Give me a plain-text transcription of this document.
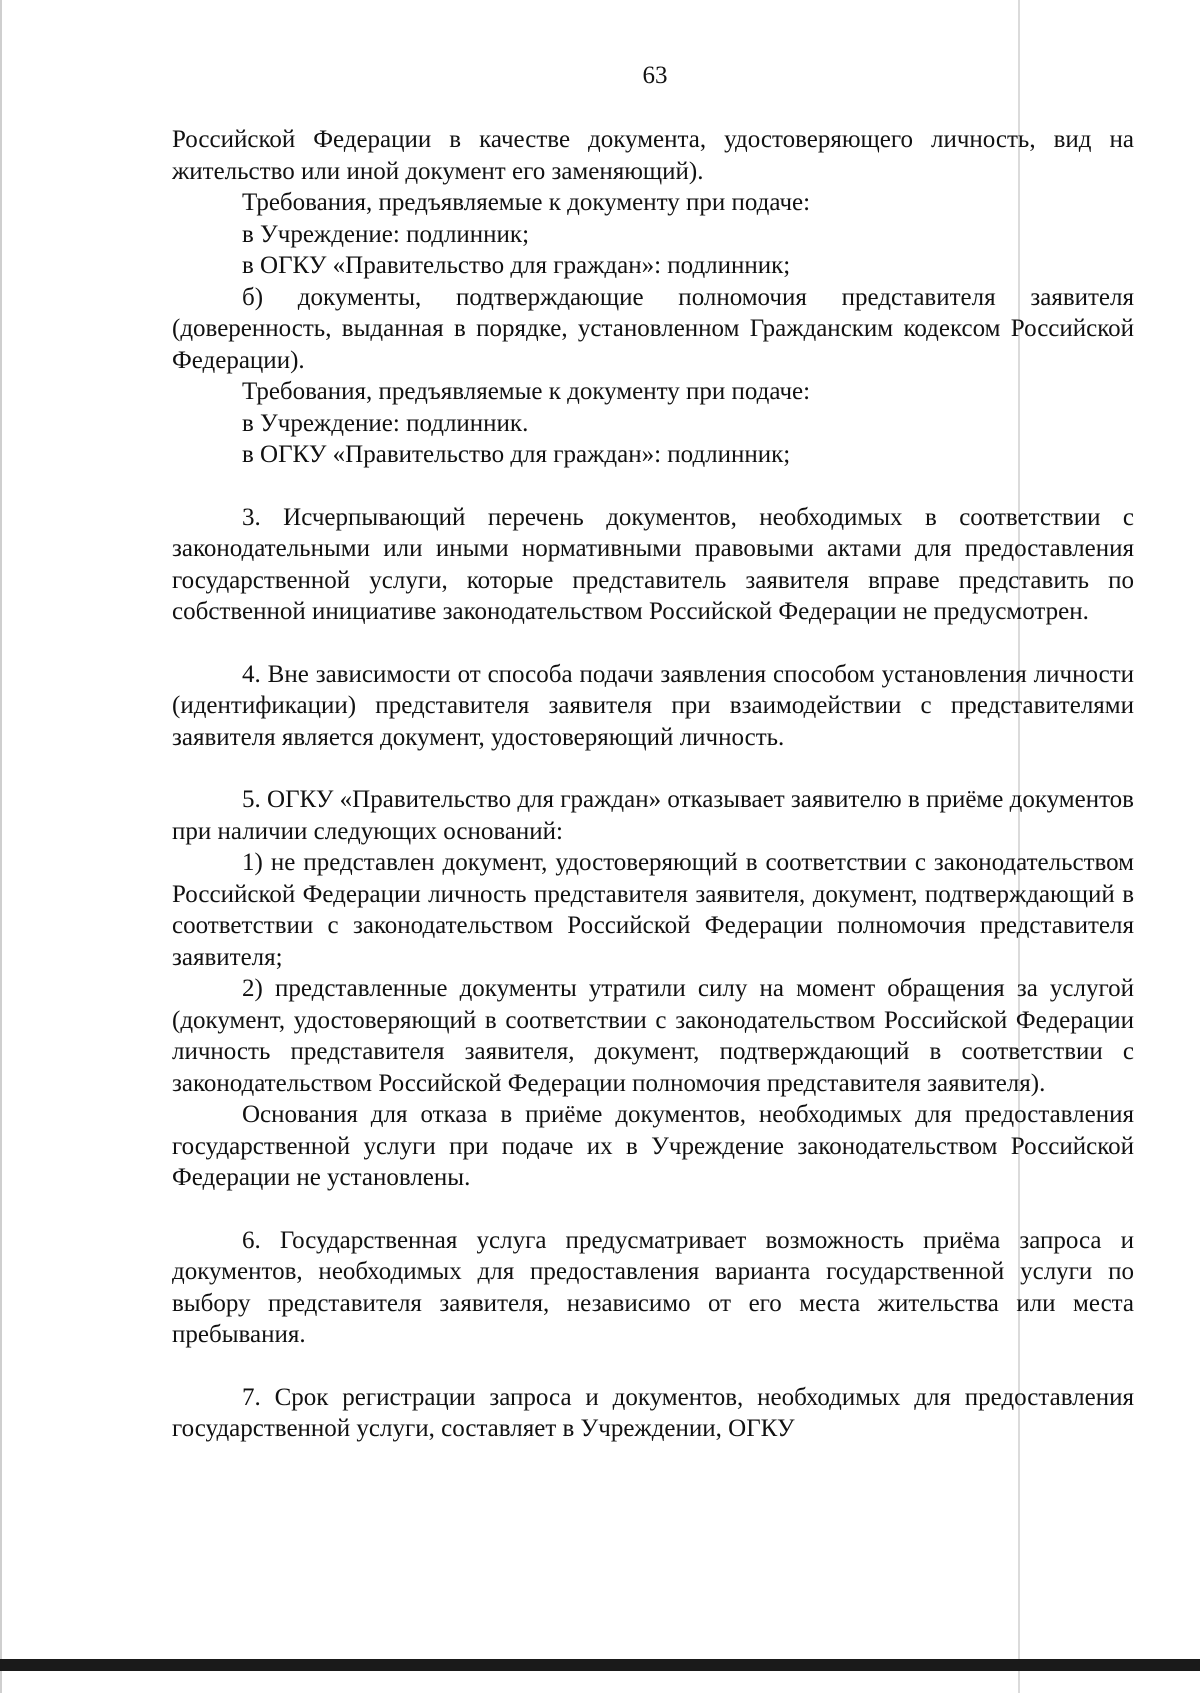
63

Российской Федерации в качестве документа, удостоверяющего личность, вид на жительство или иной документ его заменяющий).

Требования, предъявляемые к документу при подаче:

в Учреждение: подлинник;

в ОГКУ «Правительство для граждан»: подлинник;

б) документы, подтверждающие полномочия представителя заявителя (доверенность, выданная в порядке, установленном Гражданским кодексом Российской Федерации).

Требования, предъявляемые к документу при подаче:

в Учреждение: подлинник.

в ОГКУ «Правительство для граждан»: подлинник;

3. Исчерпывающий перечень документов, необходимых в соответствии с законодательными или иными нормативными правовыми актами для предоставления государственной услуги, которые представитель заявителя вправе представить по собственной инициативе законодательством Российской Федерации не предусмотрен.

4. Вне зависимости от способа подачи заявления способом установления личности (идентификации) представителя заявителя при взаимодействии с представителями заявителя является документ, удостоверяющий личность.

5. ОГКУ «Правительство для граждан» отказывает заявителю в приёме документов при наличии следующих оснований:

1) не представлен документ, удостоверяющий в соответствии с законодательством Российской Федерации личность представителя заявителя, документ, подтверждающий в соответствии с законодательством Российской Федерации полномочия представителя заявителя;

2) представленные документы утратили силу на момент обращения за услугой (документ, удостоверяющий в соответствии с законодательством Российской Федерации личность представителя заявителя, документ, подтверждающий в соответствии с законодательством Российской Федерации полномочия представителя заявителя).

Основания для отказа в приёме документов, необходимых для предоставления государственной услуги при подаче их в Учреждение законодательством Российской Федерации не установлены.

6. Государственная услуга предусматривает возможность приёма запроса и документов, необходимых для предоставления варианта государственной услуги по выбору представителя заявителя, независимо от его места жительства или места пребывания.

7. Срок регистрации запроса и документов, необходимых для предоставления государственной услуги, составляет в Учреждении, ОГКУ
